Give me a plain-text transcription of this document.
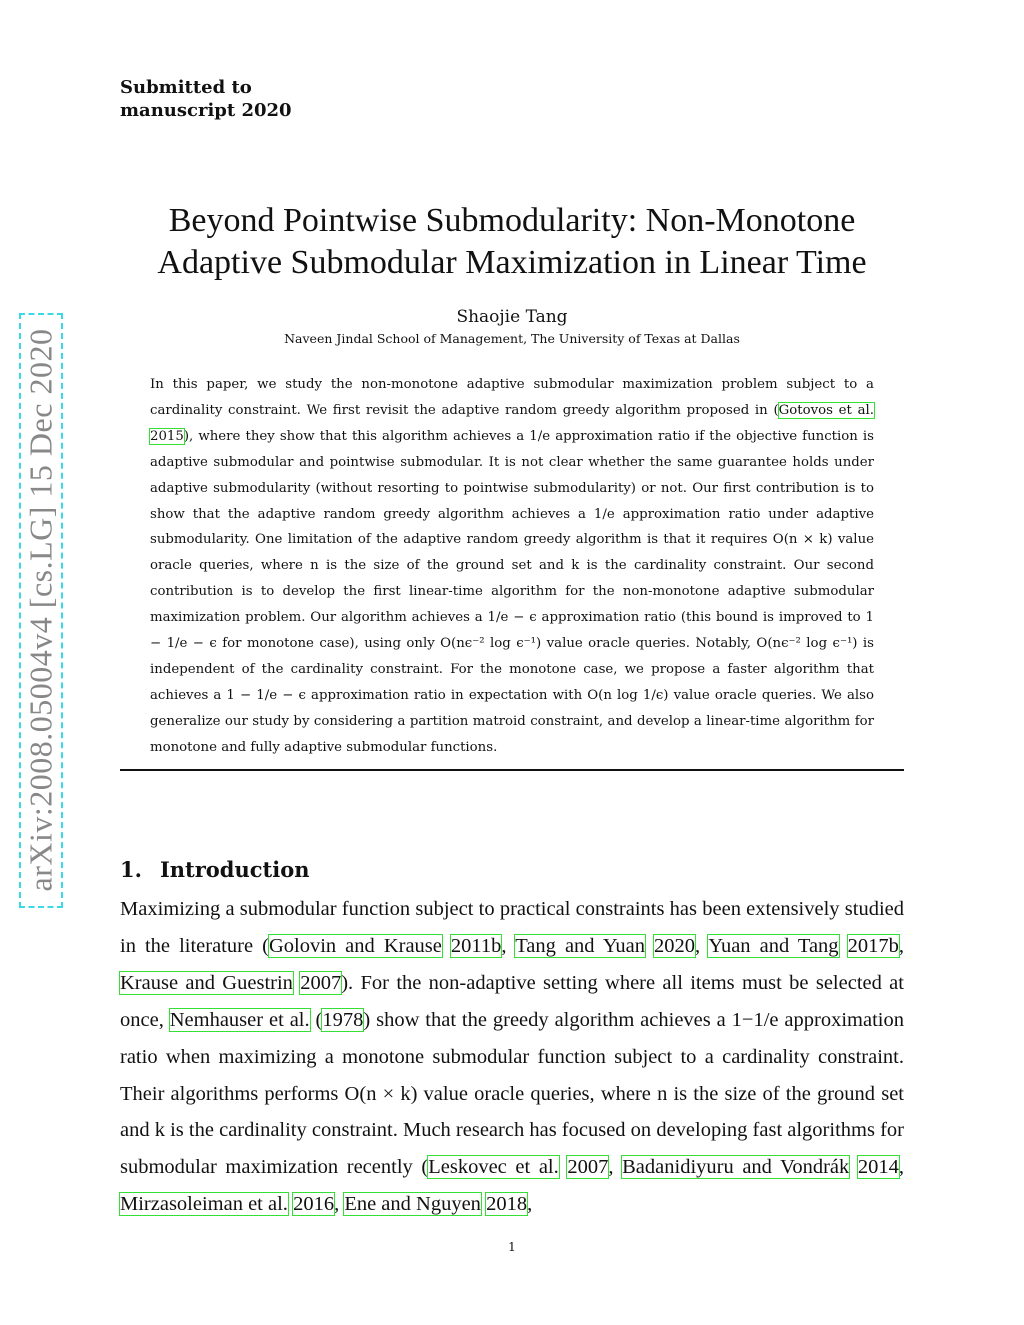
Submitted to
manuscript 2020
Beyond Pointwise Submodularity: Non-Monotone
Adaptive Submodular Maximization in Linear Time
Shaojie Tang
Naveen Jindal School of Management, The University of Texas at Dallas
arXiv:2008.05004v4 [cs.LG] 15 Dec 2020	In this paper, we study the non-monotone adaptive submodular maximization problem subject to a cardinality constraint. We first revisit the adaptive random greedy algorithm proposed in (Gotovos et al. 2015), where they show that this algorithm achieves a 1/e approximation ratio if the objective function is adaptive submodular and pointwise submodular. It is not clear whether the same guarantee holds under adaptive submodularity (without resorting to pointwise submodularity) or not. Our first contribution is to show that the adaptive random greedy algorithm achieves a 1/e approximation ratio under adaptive submodularity. One limitation of the adaptive random greedy algorithm is that it requires O(n × k) value oracle queries, where n is the size of the ground set and k is the cardinality constraint. Our second contribution is to develop the first linear-time algorithm for the non-monotone adaptive submodular maximization problem. Our algorithm achieves a 1/e − ϵ approximation ratio (this bound is improved to 1 − 1/e − ϵ for monotone case), using only O(nϵ⁻² log ϵ⁻¹) value oracle queries. Notably, O(nϵ⁻² log ϵ⁻¹) is independent of the cardinality constraint. For the monotone case, we propose a faster algorithm that achieves a 1 − 1/e − ϵ approximation ratio in expectation with O(n log 1/ϵ) value oracle queries. We also generalize our study by considering a partition matroid constraint, and develop a linear-time algorithm for monotone and fully adaptive submodular functions.
1. Introduction
Maximizing a submodular function subject to practical constraints has been extensively studied in the literature (Golovin and Krause 2011b, Tang and Yuan 2020, Yuan and Tang 2017b, Krause and Guestrin 2007). For the non-adaptive setting where all items must be selected at once, Nemhauser et al. (1978) show that the greedy algorithm achieves a 1−1/e approximation ratio when maximizing a monotone submodular function subject to a cardinality constraint. Their algorithms performs O(n × k) value oracle queries, where n is the size of the ground set and k is the cardinality constraint. Much research has focused on developing fast algorithms for submodular maximization recently (Leskovec et al. 2007, Badanidiyuru and Vondrák 2014, Mirzasoleiman et al. 2016, Ene and Nguyen 2018,
1
